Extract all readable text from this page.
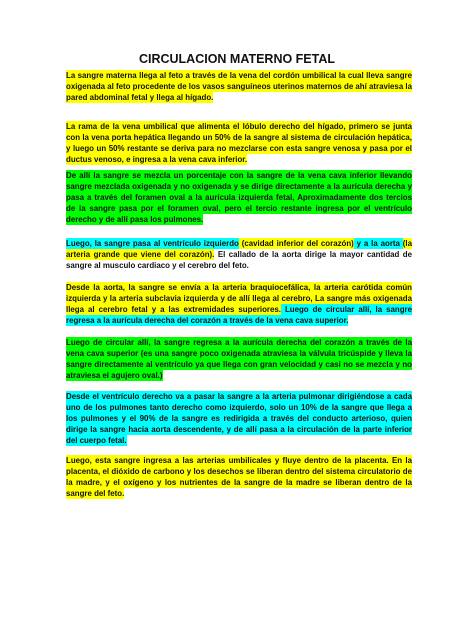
CIRCULACION MATERNO FETAL

La sangre materna llega al feto a través de la vena del cordón umbilical la cual lleva sangre oxigenada al feto procedente de los vasos sanguíneos uterinos maternos de ahí atraviesa la pared abdominal fetal y llega al hígado.

La rama de la vena umbilical que alimenta el lóbulo derecho del hígado, primero se junta con la vena porta hepática llegando un 50% de la sangre al sistema de circulación hepática, y luego un 50% restante se deriva para no mezclarse con esta sangre venosa y pasa por el ductus venoso, e ingresa a la vena cava inferior.

De allí la sangre se mezcla un porcentaje con la sangre de la vena cava inferior llevando sangre mezclada oxigenada y no oxigenada y se dirige directamente a la aurícula derecha y pasa a través del foramen oval a la aurícula izquierda fetal, Aproximadamente dos tercios de la sangre pasa por el foramen oval, pero el tercio restante ingresa por el ventrículo derecho y de allí pasa los pulmones.

Luego, la sangre pasa al ventrículo izquierdo (cavidad inferior del corazón) y a la aorta (la arteria grande que viene del corazón). El callado de la aorta dirige la mayor cantidad de sangre al musculo cardiaco y el cerebro del feto.

Desde la aorta, la sangre se envía a la arteria braquiocefálica, la arteria carótida común izquierda y la arteria subclavia izquierda y de allí llega al cerebro, La sangre más oxigenada llega al cerebro fetal y a las extremidades superiores. Luego de circular allí, la sangre regresa a la aurícula derecha del corazón a través de la vena cava superior.

Luego de circular allí, la sangre regresa a la aurícula derecha del corazón a través de la vena cava superior (es una sangre poco oxigenada atraviesa la válvula tricúspide y lleva la sangre directamente al ventrículo ya que llega con gran velocidad y casi no se mezcla y no atraviesa el agujero oval.)

Desde el ventrículo derecho va a pasar la sangre a la arteria pulmonar dirigiéndose a cada uno de los pulmones tanto derecho como izquierdo, solo un 10% de la sangre que llega a los pulmones y el 90% de la sangre es redirigida a través del conducto arterioso, quien dirige la sangre hacia aorta descendente, y de allí pasa a la circulación de la parte inferior del cuerpo fetal.

Luego, esta sangre ingresa a las arterias umbilicales y fluye dentro de la placenta. En la placenta, el dióxido de carbono y los desechos se liberan dentro del sistema circulatorio de la madre, y el oxígeno y los nutrientes de la sangre de la madre se liberan dentro de la sangre del feto.
